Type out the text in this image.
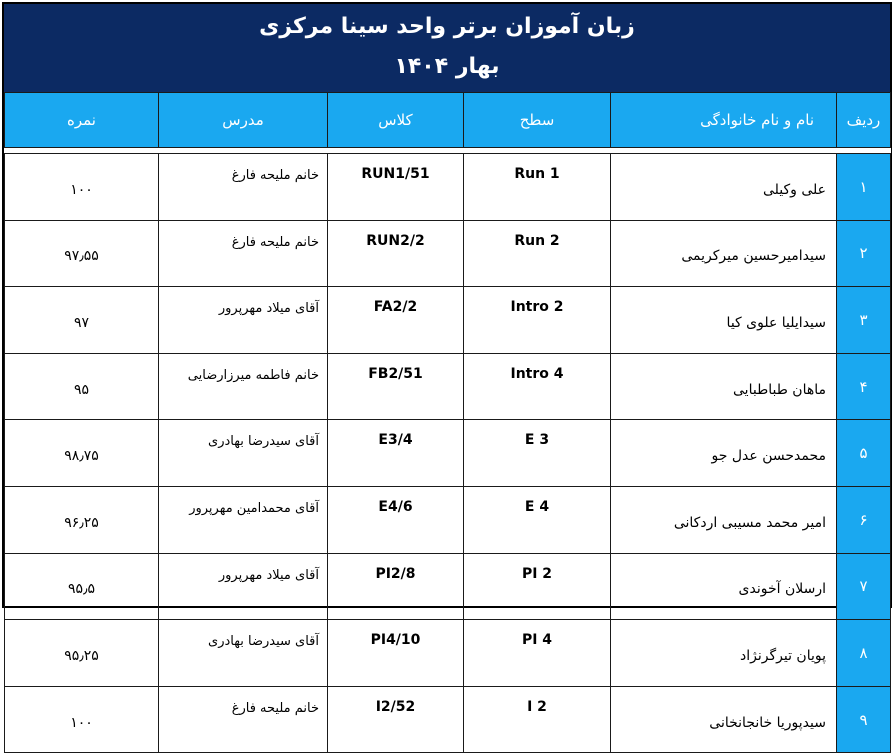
زبان آموزان برتر واحد سینا مرکزی
بهار ۱۴۰۴
ردیف	نام و نام خانوادگی	سطح	کلاس	مدرس	نمره

۱	علی وکیلی	Run 1	RUN1/51	خانم ملیحه فارغ	۱۰۰
۲	سیدامیرحسین میرکریمی	Run 2	RUN2/2	خانم ملیحه فارغ	۹۷٫۵۵
۳	سیدایلیا علوی کیا	Intro 2	FA2/2	آقای میلاد مهرپرور	۹۷
۴	ماهان طباطبایی	Intro 4	FB2/51	خانم فاطمه میرزارضایی	۹۵
۵	محمدحسن عدل جو	E 3	E3/4	آقای سیدرضا بهادری	۹۸٫۷۵
۶	امیر محمد مسیبی اردکانی	E 4	E4/6	آقای محمدامین مهرپرور	۹۶٫۲۵
۷	ارسلان آخوندی	PI 2	PI2/8	آقای میلاد مهرپرور	۹۵٫۵
۸	پویان تیرگرنژاد	PI 4	PI4/10	آقای سیدرضا بهادری	۹۵٫۲۵
۹	سیدپوریا خانجانخانی	I 2	I2/52	خانم ملیحه فارغ	۱۰۰
